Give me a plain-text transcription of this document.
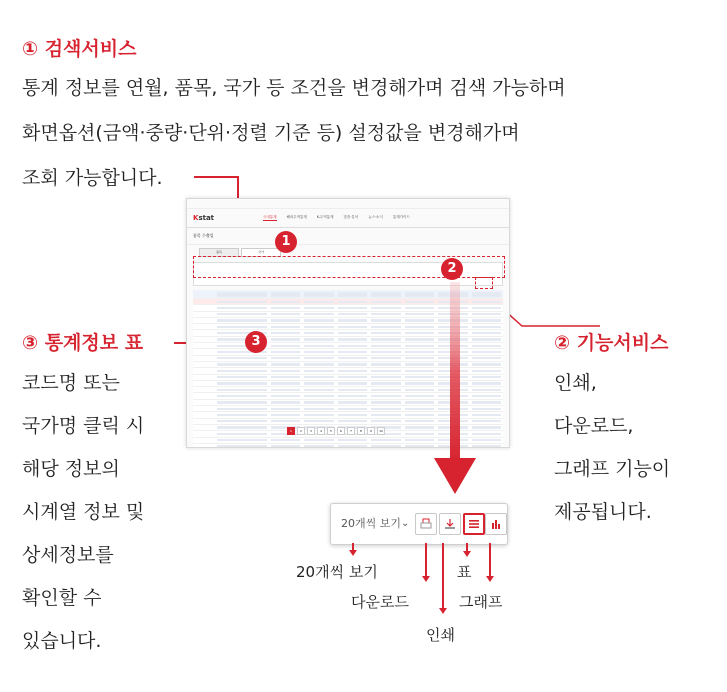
① 검색서비스
통계 정보를 연월, 품목, 국가 등 조건을 변경해가며 검색 가능하며
화면옵션(금액·중량·단위·정렬 기준 등) 설정값을 변경해가며
조회 가능합니다.
③ 통계정보 표
코드명 또는
국가명 클릭 시
해당 정보의
시계열 정보 및
상세정보를
확인할 수
있습니다.
② 기능서비스
인쇄,
다운로드,
그래프 기능이
제공됩니다.
Kstat	국내통계	해외무역통계	K-무역통계	맞춤·분석	뉴스·소식	통계가이드
품목 수출입
품목	국가
1	2	3	4	5	6	7	8	9	10
1
2
3
20개씩 보기 ⌄
20개씩 보기	표
다운로드	그래프
인쇄
